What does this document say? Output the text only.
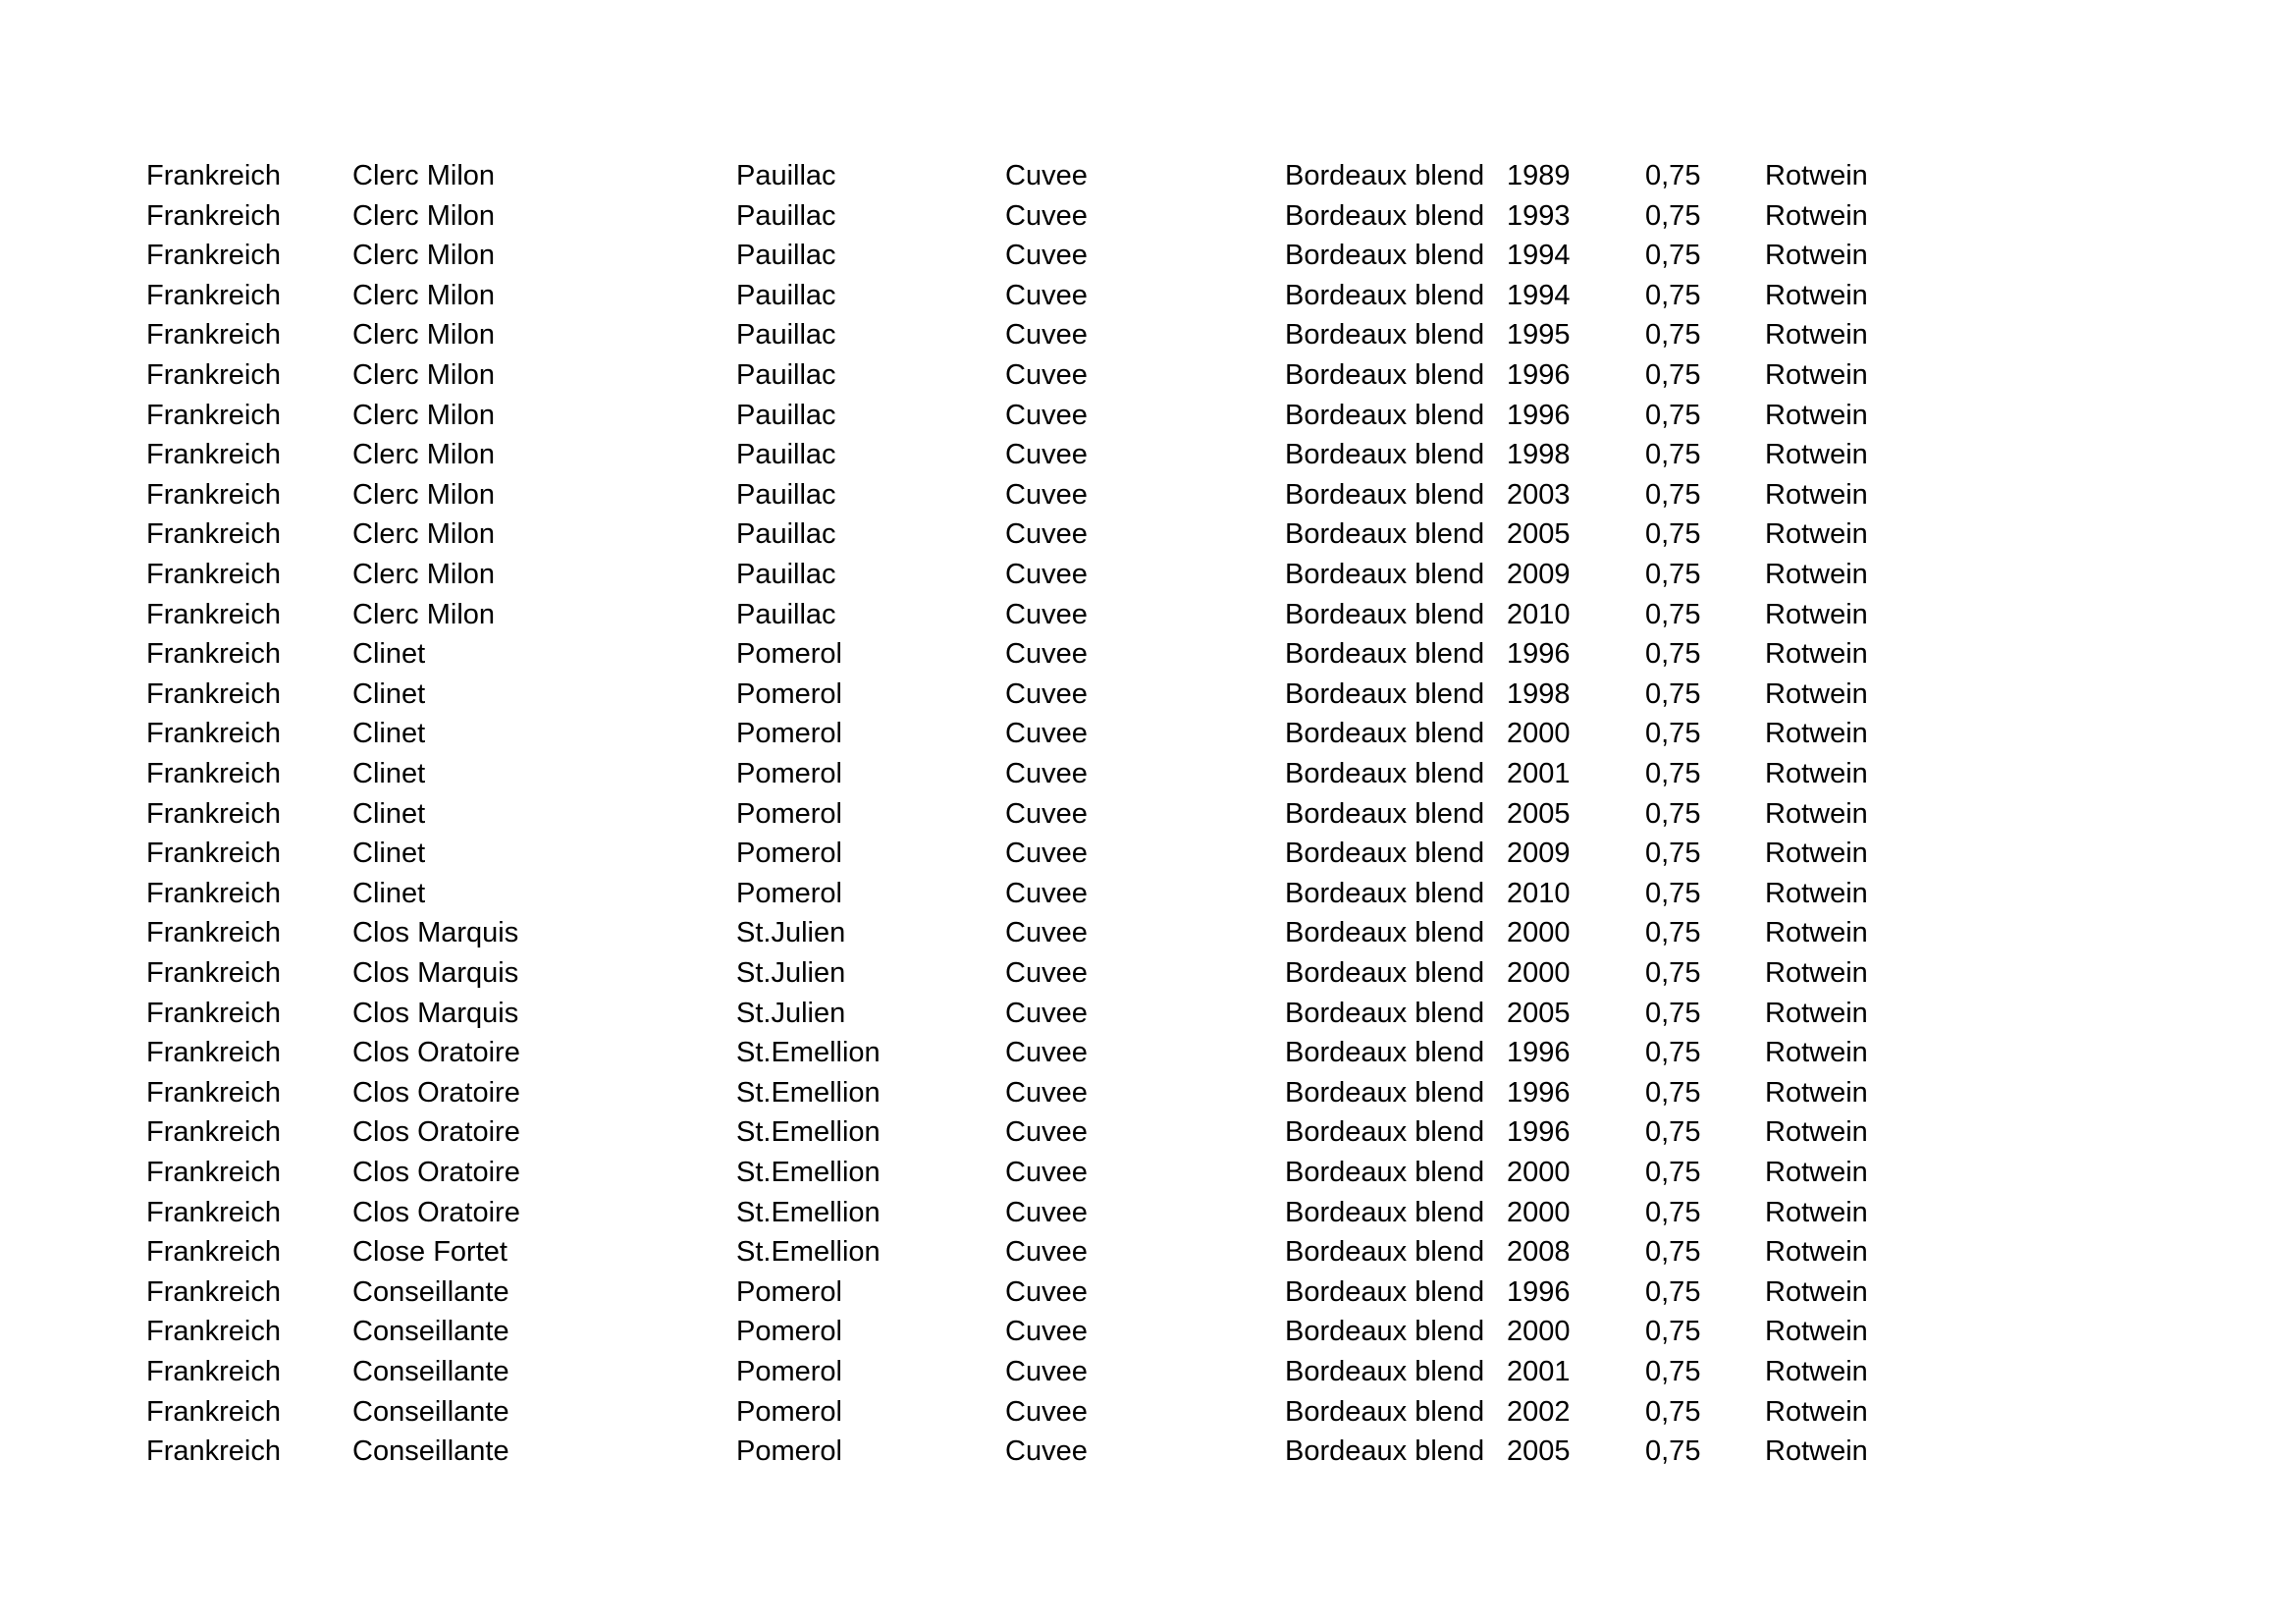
Frankreich	Clerc Milon	Pauillac	Cuvee	Bordeaux blend 1989	0,75 Rotwein
Frankreich	Clerc Milon	Pauillac	Cuvee	Bordeaux blend 1993	0,75 Rotwein
Frankreich	Clerc Milon	Pauillac	Cuvee	Bordeaux blend 1994	0,75 Rotwein
Frankreich	Clerc Milon	Pauillac	Cuvee	Bordeaux blend 1994	0,75 Rotwein
Frankreich	Clerc Milon	Pauillac	Cuvee	Bordeaux blend 1995	0,75 Rotwein
Frankreich	Clerc Milon	Pauillac	Cuvee	Bordeaux blend 1996	0,75 Rotwein
Frankreich	Clerc Milon	Pauillac	Cuvee	Bordeaux blend 1996	0,75 Rotwein
Frankreich	Clerc Milon	Pauillac	Cuvee	Bordeaux blend 1998	0,75 Rotwein
Frankreich	Clerc Milon	Pauillac	Cuvee	Bordeaux blend 2003	0,75 Rotwein
Frankreich	Clerc Milon	Pauillac	Cuvee	Bordeaux blend 2005	0,75 Rotwein
Frankreich	Clerc Milon	Pauillac	Cuvee	Bordeaux blend 2009	0,75 Rotwein
Frankreich	Clerc Milon	Pauillac	Cuvee	Bordeaux blend 2010	0,75 Rotwein
Frankreich	Clinet	Pomerol	Cuvee	Bordeaux blend 1996	0,75 Rotwein
Frankreich	Clinet	Pomerol	Cuvee	Bordeaux blend 1998	0,75 Rotwein
Frankreich	Clinet	Pomerol	Cuvee	Bordeaux blend 2000	0,75 Rotwein
Frankreich	Clinet	Pomerol	Cuvee	Bordeaux blend 2001	0,75 Rotwein
Frankreich	Clinet	Pomerol	Cuvee	Bordeaux blend 2005	0,75 Rotwein
Frankreich	Clinet	Pomerol	Cuvee	Bordeaux blend 2009	0,75 Rotwein
Frankreich	Clinet	Pomerol	Cuvee	Bordeaux blend 2010	0,75 Rotwein
Frankreich	Clos Marquis	St.Julien	Cuvee	Bordeaux blend 2000	0,75 Rotwein
Frankreich	Clos Marquis	St.Julien	Cuvee	Bordeaux blend 2000	0,75 Rotwein
Frankreich	Clos Marquis	St.Julien	Cuvee	Bordeaux blend 2005	0,75 Rotwein
Frankreich	Clos Oratoire	St.Emellion	Cuvee	Bordeaux blend 1996	0,75 Rotwein
Frankreich	Clos Oratoire	St.Emellion	Cuvee	Bordeaux blend 1996	0,75 Rotwein
Frankreich	Clos Oratoire	St.Emellion	Cuvee	Bordeaux blend 1996	0,75 Rotwein
Frankreich	Clos Oratoire	St.Emellion	Cuvee	Bordeaux blend 2000	0,75 Rotwein
Frankreich	Clos Oratoire	St.Emellion	Cuvee	Bordeaux blend 2000	0,75 Rotwein
Frankreich	Close Fortet	St.Emellion	Cuvee	Bordeaux blend 2008	0,75 Rotwein
Frankreich	Conseillante	Pomerol	Cuvee	Bordeaux blend 1996	0,75 Rotwein
Frankreich	Conseillante	Pomerol	Cuvee	Bordeaux blend 2000	0,75 Rotwein
Frankreich	Conseillante	Pomerol	Cuvee	Bordeaux blend 2001	0,75 Rotwein
Frankreich	Conseillante	Pomerol	Cuvee	Bordeaux blend 2002	0,75 Rotwein
Frankreich	Conseillante	Pomerol	Cuvee	Bordeaux blend 2005	0,75 Rotwein
